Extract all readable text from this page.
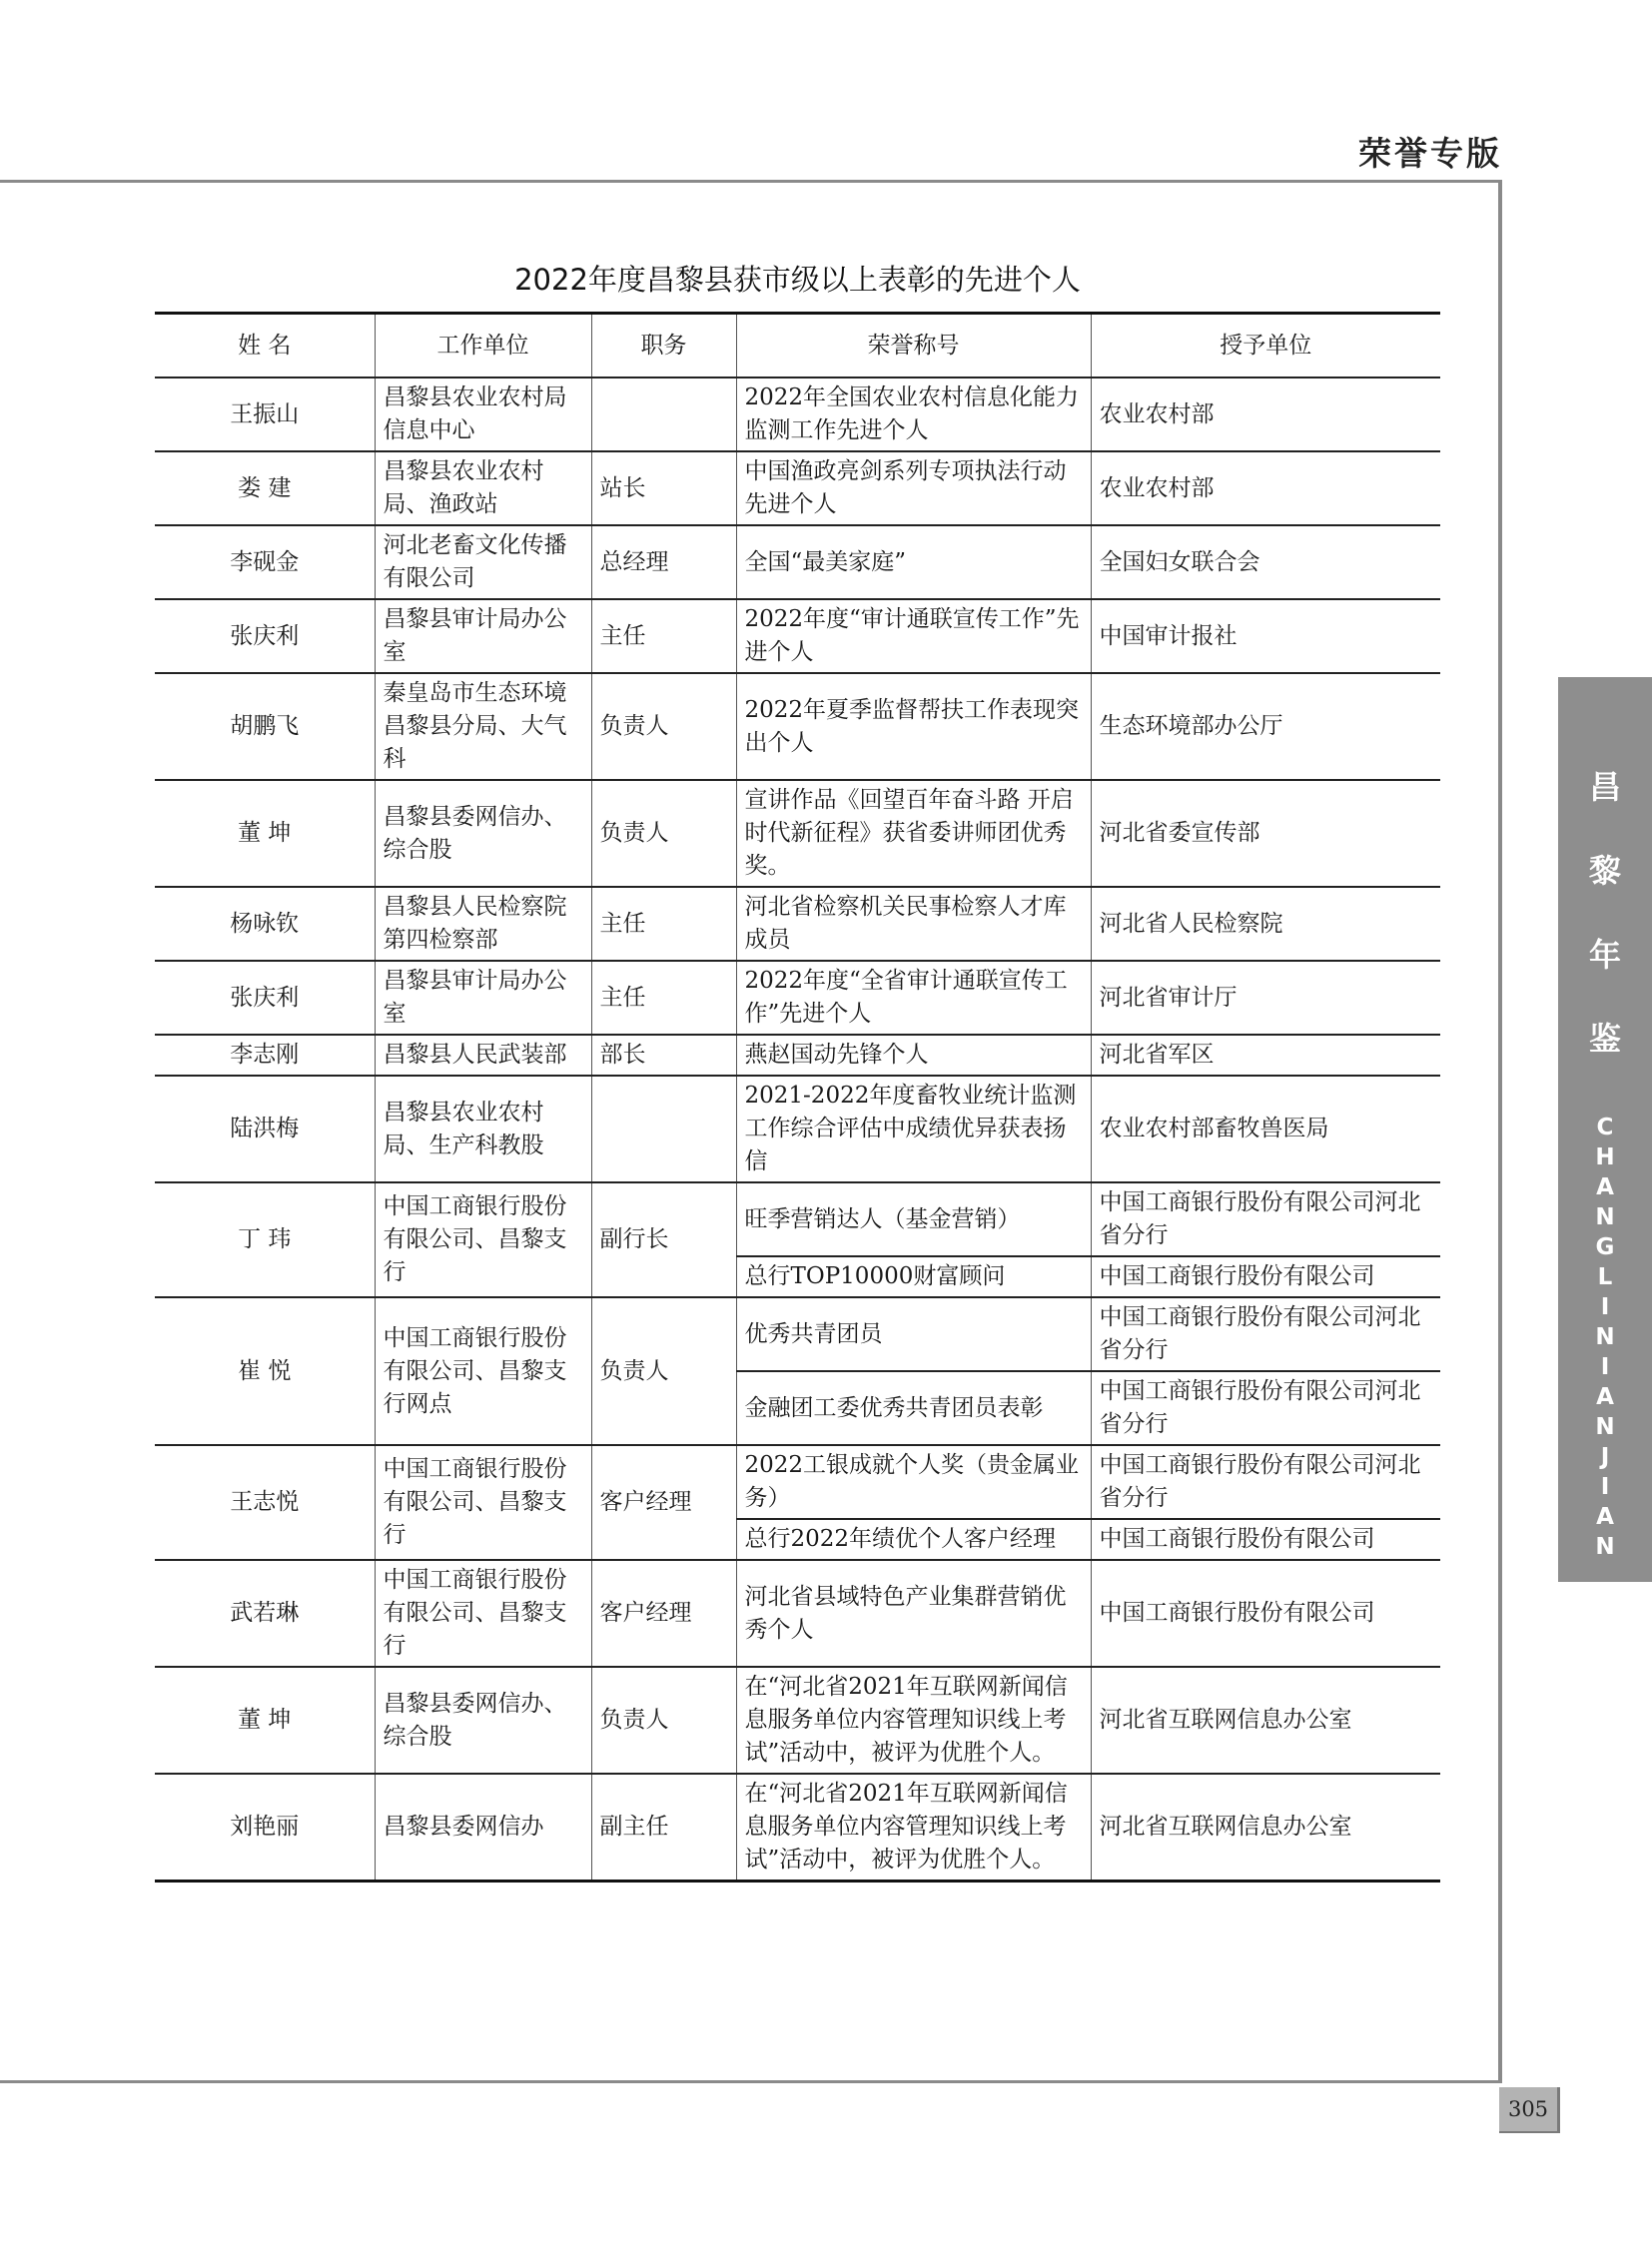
荣誉专版
昌
黎
年
鉴
C
H
A
N
G
L
I
N
I
A
N
J
I
A
N
305
2022年度昌黎县获市级以上表彰的先进个人
姓 名	工作单位	职务	荣誉称号	授予单位
王振山	昌黎县农业农村局信息中心		2022年全国农业农村信息化能力监测工作先进个人	农业农村部
娄 建	昌黎县农业农村局、渔政站	站长	中国渔政亮剑系列专项执法行动先进个人	农业农村部
李砚金	河北老畜文化传播有限公司	总经理	全国“最美家庭”	全国妇女联合会
张庆利	昌黎县审计局办公室	主任	2022年度“审计通联宣传工作”先进个人	中国审计报社
胡鹏飞	秦皇岛市生态环境昌黎县分局、大气科	负责人	2022年夏季监督帮扶工作表现突出个人	生态环境部办公厅
董 坤	昌黎县委网信办、综合股	负责人	宣讲作品《回望百年奋斗路 开启时代新征程》获省委讲师团优秀奖。	河北省委宣传部
杨咏钦	昌黎县人民检察院第四检察部	主任	河北省检察机关民事检察人才库成员	河北省人民检察院
张庆利	昌黎县审计局办公室	主任	2022年度“全省审计通联宣传工作”先进个人	河北省审计厅
李志刚	昌黎县人民武装部	部长	燕赵国动先锋个人	河北省军区
陆洪梅	昌黎县农业农村局、生产科教股		2021-2022年度畜牧业统计监测工作综合评估中成绩优异获表扬信	农业农村部畜牧兽医局
丁 玮	中国工商银行股份有限公司、昌黎支行	副行长	旺季营销达人（基金营销）	中国工商银行股份有限公司河北省分行
			总行TOP10000财富顾问	中国工商银行股份有限公司
崔 悦	中国工商银行股份有限公司、昌黎支行网点	负责人	优秀共青团员	中国工商银行股份有限公司河北省分行
			金融团工委优秀共青团员表彰	中国工商银行股份有限公司河北省分行
王志悦	中国工商银行股份有限公司、昌黎支行	客户经理	2022工银成就个人奖（贵金属业务）	中国工商银行股份有限公司河北省分行
			总行2022年绩优个人客户经理	中国工商银行股份有限公司
武若琳	中国工商银行股份有限公司、昌黎支行	客户经理	河北省县域特色产业集群营销优秀个人	中国工商银行股份有限公司
董 坤	昌黎县委网信办、综合股	负责人	在“河北省2021年互联网新闻信息服务单位内容管理知识线上考试”活动中，被评为优胜个人。	河北省互联网信息办公室
刘艳丽	昌黎县委网信办	副主任	在“河北省2021年互联网新闻信息服务单位内容管理知识线上考试”活动中，被评为优胜个人。	河北省互联网信息办公室
